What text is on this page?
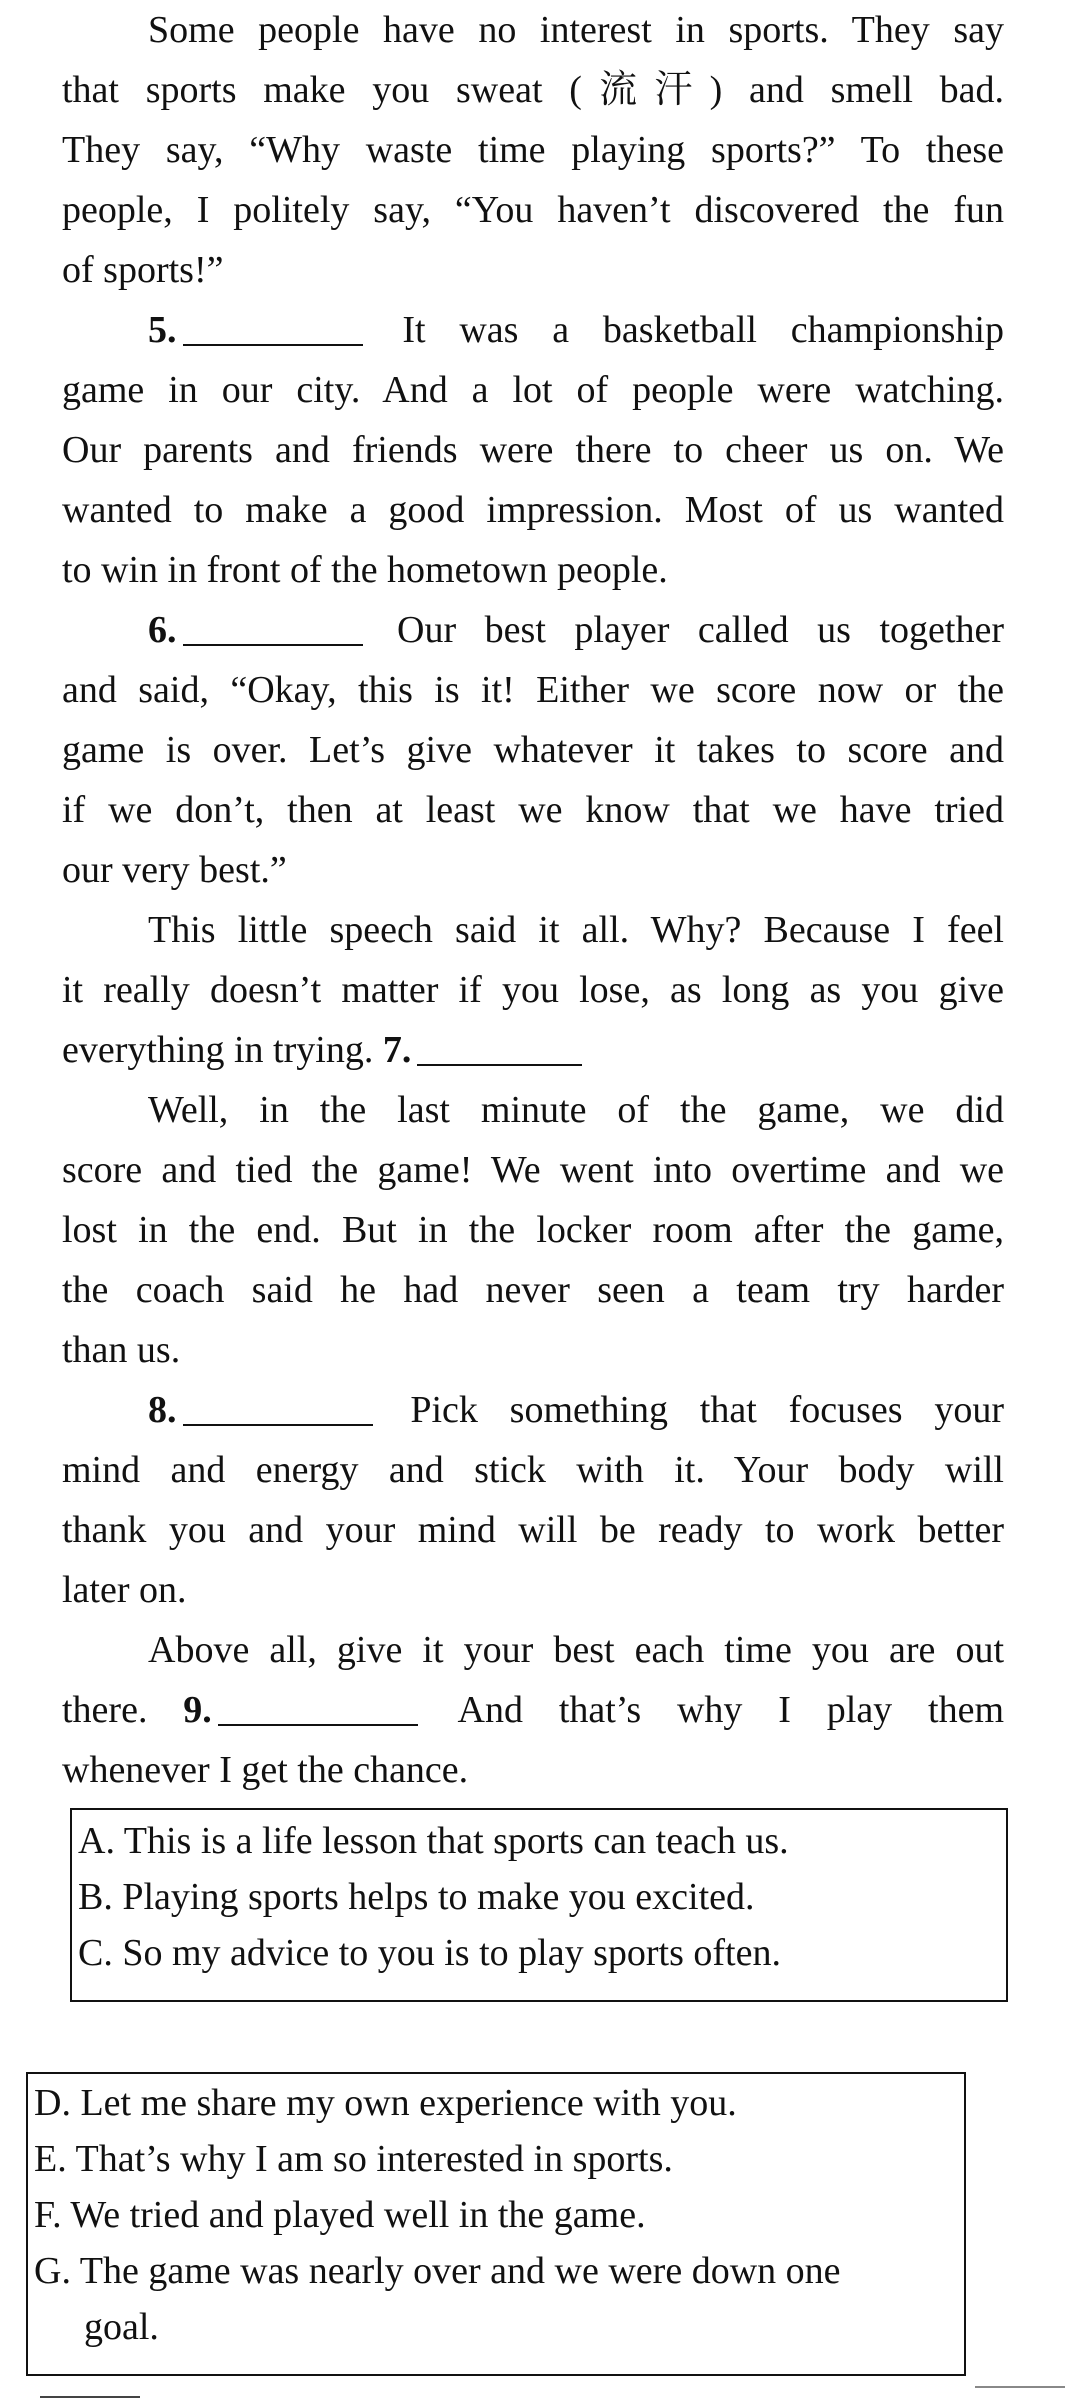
Some people have no interest in sports. They say
that sports make you sweat (流汗) and smell bad.
They say, “Why waste time playing sports?” To these
people, I politely say, “You haven’t discovered the fun
of sports!”
5.	It was a basketball championship
game in our city. And a lot of people were watching.
Our parents and friends were there to cheer us on. We
wanted to make a good impression. Most of us wanted
to win in front of the hometown people.
6.	Our best player called us together
and said, “Okay, this is it! Either we score now or the
game is over. Let’s give whatever it takes to score and
if we don’t, then at least we know that we have tried
our very best.”
This little speech said it all. Why? Because I feel
it really doesn’t matter if you lose, as long as you give
everything in trying. 7.
Well, in the last minute of the game, we did
score and tied the game! We went into overtime and we
lost in the end. But in the locker room after the game,
the coach said he had never seen a team try harder
than us.
8.	Pick something that focuses your
mind and energy and stick with it. Your body will
thank you and your mind will be ready to work better
later on.
Above all, give it your best each time you are out
there. 9.	And that’s why I play them
whenever I get the chance.
A. This is a life lesson that sports can teach us.
B. Playing sports helps to make you excited.
C. So my advice to you is to play sports often.
D. Let me share my own experience with you.
E. That’s why I am so interested in sports.
F. We tried and played well in the game.
G. The game was nearly over and we were down one
goal.
